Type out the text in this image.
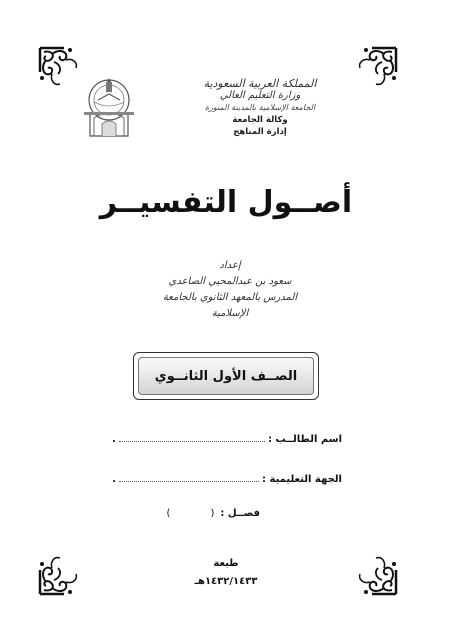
المملكة العربية السعودية
وزارة التعليم العالي
الجامعة الإسلامية بالمدينة المنورة
وكالة الجامعة
إدارة المناهج
أصــول التفسيــر
إعداد
سعود بن عبدالمحيي الصاعدي
المدرس بالمعهد الثانوي بالجامعة الإسلامية
الصــف الأول الثانــوي
اسم الطالــب :
.
الجهة التعليمية :
.
فصــل :
(
)
طبعة
١٤٣٢/١٤٣٣هـ
